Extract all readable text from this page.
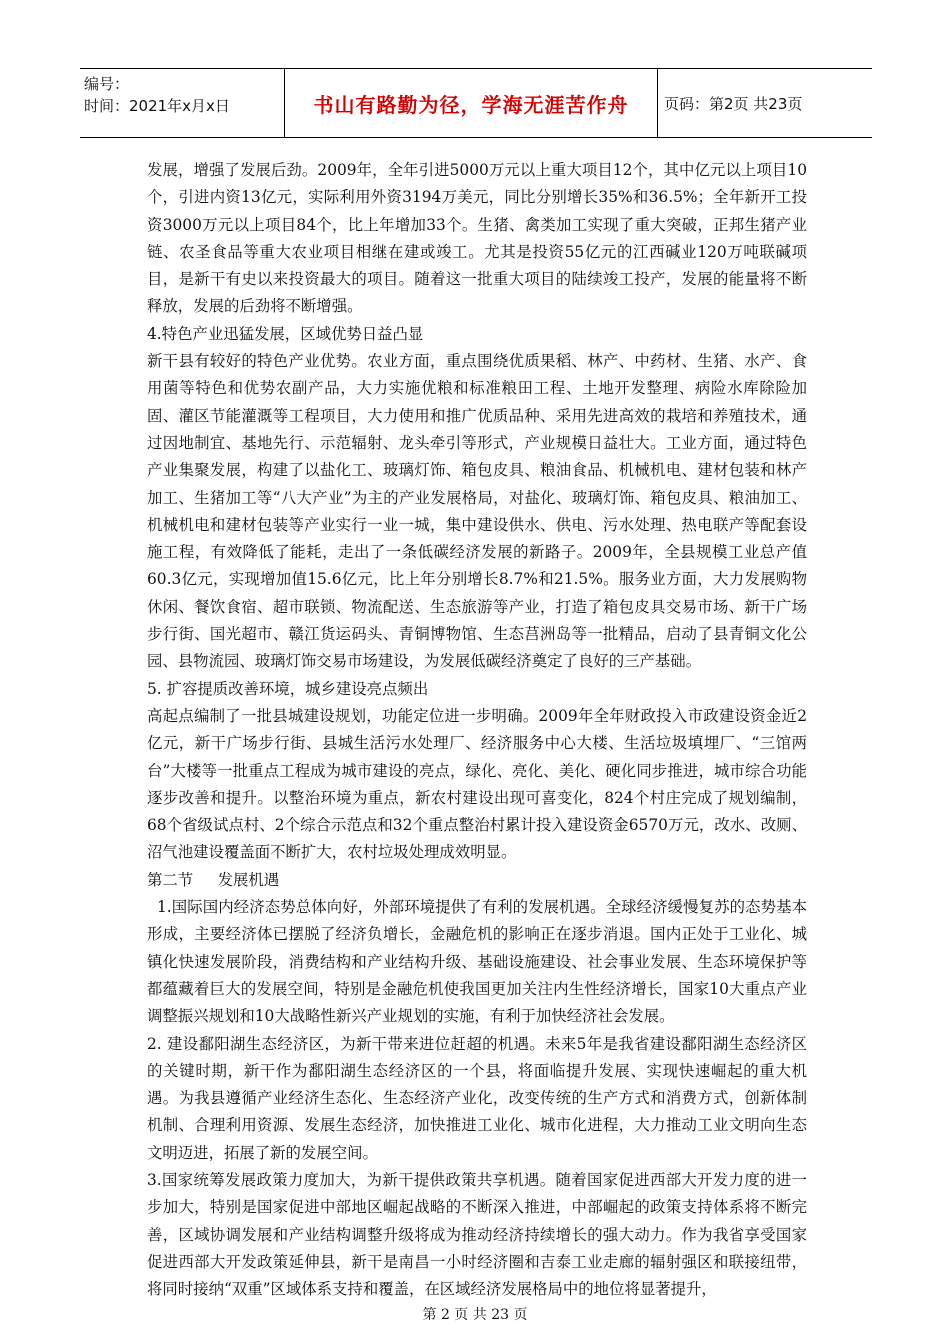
编号：
时间：2021年x月x日	书山有路勤为径，学海无涯苦作舟	页码：第2页 共23页

发展，增强了发展后劲。2009年，全年引进5000万元以上重大项目12个，其中亿元以上项目10个，引进内资13亿元，实际利用外资3194万美元，同比分别增长35%和36.5%；全年新开工投资3000万元以上项目84个，比上年增加33个。生猪、禽类加工实现了重大突破，正邦生猪产业链、农圣食品等重大农业项目相继在建或竣工。尤其是投资55亿元的江西碱业120万吨联碱项目，是新干有史以来投资最大的项目。随着这一批重大项目的陆续竣工投产，发展的能量将不断释放，发展的后劲将不断增强。

4.特色产业迅猛发展，区域优势日益凸显

新干县有较好的特色产业优势。农业方面，重点围绕优质果稻、林产、中药材、生猪、水产、食用菌等特色和优势农副产品，大力实施优粮和标准粮田工程、土地开发整理、病险水库除险加固、灌区节能灌溉等工程项目，大力使用和推广优质品种、采用先进高效的栽培和养殖技术，通过因地制宜、基地先行、示范辐射、龙头牵引等形式，产业规模日益壮大。工业方面，通过特色产业集聚发展，构建了以盐化工、玻璃灯饰、箱包皮具、粮油食品、机械机电、建材包装和林产加工、生猪加工等“八大产业”为主的产业发展格局，对盐化、玻璃灯饰、箱包皮具、粮油加工、机械机电和建材包装等产业实行一业一城，集中建设供水、供电、污水处理、热电联产等配套设施工程，有效降低了能耗，走出了一条低碳经济发展的新路子。2009年，全县规模工业总产值60.3亿元，实现增加值15.6亿元，比上年分别增长8.7%和21.5%。服务业方面，大力发展购物休闲、餐饮食宿、超市联锁、物流配送、生态旅游等产业，打造了箱包皮具交易市场、新干广场步行街、国光超市、赣江货运码头、青铜博物馆、生态莒洲岛等一批精品，启动了县青铜文化公园、县物流园、玻璃灯饰交易市场建设，为发展低碳经济奠定了良好的三产基础。

5. 扩容提质改善环境，城乡建设亮点频出

高起点编制了一批县城建设规划，功能定位进一步明确。2009年全年财政投入市政建设资金近2亿元，新干广场步行街、县城生活污水处理厂、经济服务中心大楼、生活垃圾填埋厂、“三馆两台”大楼等一批重点工程成为城市建设的亮点，绿化、亮化、美化、硬化同步推进，城市综合功能逐步改善和提升。以整治环境为重点，新农村建设出现可喜变化，824个村庄完成了规划编制，68个省级试点村、2个综合示范点和32个重点整治村累计投入建设资金6570万元，改水、改厕、沼气池建设覆盖面不断扩大，农村垃圾处理成效明显。

第二节     发展机遇

1.国际国内经济态势总体向好，外部环境提供了有利的发展机遇。全球经济缓慢复苏的态势基本形成，主要经济体已摆脱了经济负增长，金融危机的影响正在逐步消退。国内正处于工业化、城镇化快速发展阶段，消费结构和产业结构升级、基础设施建设、社会事业发展、生态环境保护等都蕴藏着巨大的发展空间，特别是金融危机使我国更加关注内生性经济增长，国家10大重点产业调整振兴规划和10大战略性新兴产业规划的实施，有利于加快经济社会发展。

2. 建设鄱阳湖生态经济区，为新干带来进位赶超的机遇。未来5年是我省建设鄱阳湖生态经济区的关键时期，新干作为鄱阳湖生态经济区的一个县，将面临提升发展、实现快速崛起的重大机遇。为我县遵循产业经济生态化、生态经济产业化，改变传统的生产方式和消费方式，创新体制机制、合理利用资源、发展生态经济，加快推进工业化、城市化进程，大力推动工业文明向生态文明迈进，拓展了新的发展空间。

3.国家统筹发展政策力度加大，为新干提供政策共享机遇。随着国家促进西部大开发力度的进一步加大，特别是国家促进中部地区崛起战略的不断深入推进，中部崛起的政策支持体系将不断完善，区域协调发展和产业结构调整升级将成为推动经济持续增长的强大动力。作为我省享受国家促进西部大开发政策延伸县，新干是南昌一小时经济圈和吉泰工业走廊的辐射强区和联接纽带，将同时接纳“双重”区域体系支持和覆盖，在区域经济发展格局中的地位将显著提升，

第 2 页 共 23 页
